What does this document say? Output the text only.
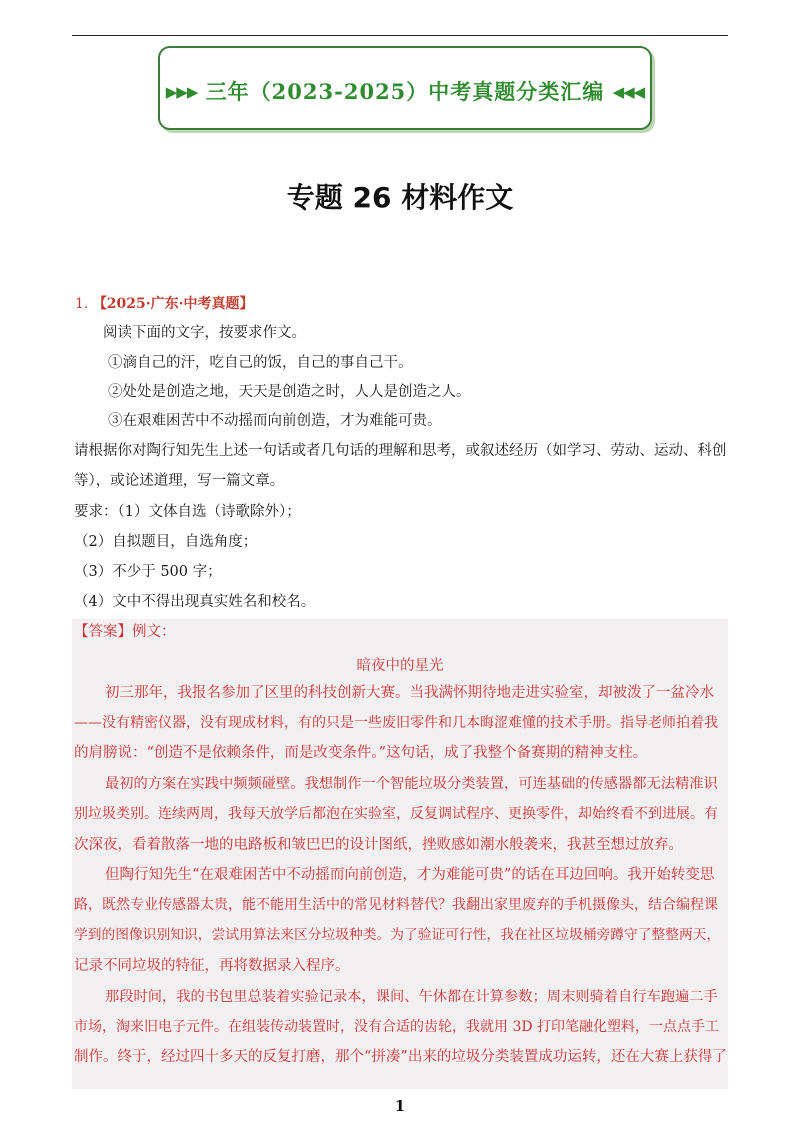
▶▶▶ 三年（2023-2025）中考真题分类汇编 ◀◀◀
专题 26 材料作文
1. 【2025·广东·中考真题】
阅读下面的文字，按要求作文。
①滴自己的汗，吃自己的饭，自己的事自己干。
②处处是创造之地，天天是创造之时，人人是创造之人。
③在艰难困苦中不动摇而向前创造，才为难能可贵。
请根据你对陶行知先生上述一句话或者几句话的理解和思考，或叙述经历（如学习、劳动、运动、科创
等），或论述道理，写一篇文章。
要求：（1）文体自选（诗歌除外）；
（2）自拟题目，自选角度；
（3）不少于 500 字；
（4）文中不得出现真实姓名和校名。
【答案】例文：
暗夜中的星光
初三那年，我报名参加了区里的科技创新大赛。当我满怀期待地走进实验室，却被泼了一盆冷水
——没有精密仪器，没有现成材料，有的只是一些废旧零件和几本晦涩难懂的技术手册。指导老师拍着我
的肩膀说：“创造不是依赖条件，而是改变条件。”这句话，成了我整个备赛期的精神支柱。
最初的方案在实践中频频碰壁。我想制作一个智能垃圾分类装置，可连基础的传感器都无法精准识
别垃圾类别。连续两周，我每天放学后都泡在实验室，反复调试程序、更换零件，却始终看不到进展。有
次深夜，看着散落一地的电路板和皱巴巴的设计图纸，挫败感如潮水般袭来，我甚至想过放弃。
但陶行知先生“在艰难困苦中不动摇而向前创造，才为难能可贵”的话在耳边回响。我开始转变思
路，既然专业传感器太贵，能不能用生活中的常见材料替代？我翻出家里废弃的手机摄像头，结合编程课
学到的图像识别知识，尝试用算法来区分垃圾种类。为了验证可行性，我在社区垃圾桶旁蹲守了整整两天，
记录不同垃圾的特征，再将数据录入程序。
那段时间，我的书包里总装着实验记录本，课间、午休都在计算参数；周末则骑着自行车跑遍二手
市场，淘来旧电子元件。在组装传动装置时，没有合适的齿轮，我就用 3D 打印笔融化塑料，一点点手工
制作。终于，经过四十多天的反复打磨，那个“拼凑”出来的垃圾分类装置成功运转，还在大赛上获得了
1
